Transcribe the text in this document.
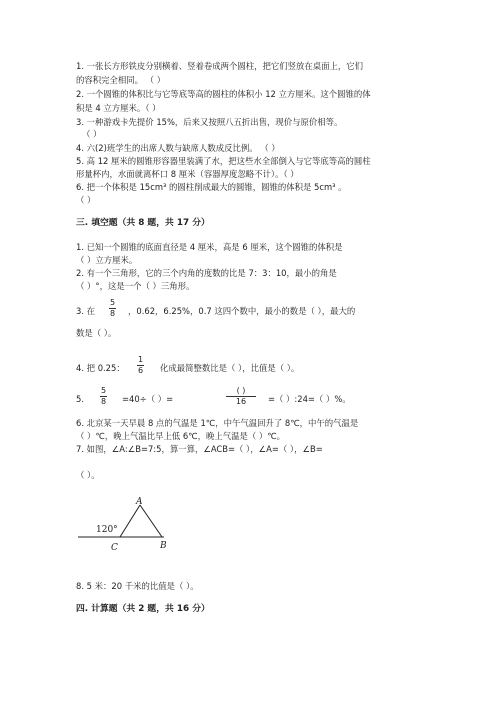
1. 一张长方形铁皮分别横着、竖着卷成两个圆柱，把它们竖放在桌面上，它们
的容积完全相同。 （ ）
2. 一个圆锥的体积比与它等底等高的圆柱的体积小 12 立方厘米。这个圆锥的体
积是 4 立方厘米。（ ）
3. 一种游戏卡先提价 15%，后来又按照八五折出售，现价与原价相等。
（ ）
4. 六(2)班学生的出席人数与缺席人数成反比例。 （ ）
5. 高 12 厘米的圆锥形容器里装满了水，把这些水全部倒入与它等底等高的圆柱
形量杯内，水面就离杯口 8 厘米（容器厚度忽略不计）。（ ）
6. 把一个体积是 15cm³ 的圆柱削成最大的圆锥，圆锥的体积是 5cm³ 。
（ ）
三. 填空题（共 8 题，共 17 分）
1. 已知一个圆锥的底面直径是 4 厘米，高是 6 厘米，这个圆锥的体积是
（ ）立方厘米。
2. 有一个三角形，它的三个内角的度数的比是 7：3：10，最小的角是
（ ）°，这是一个（ ）三角形。
3. 在 $\frac{5}{8}$ ，0.62，6.25%，0.7 这四个数中，最小的数是（ ），最大的
数是（ ）。
4. 把 0.25： $\frac{1}{6}$ 化成最简整数比是（ ），比值是（ ）。
5. $\frac{5}{8} =40\div$（ ）=
( )
16	=（ ）:24=（ ）%。
6. 北京某一天早晨 8 点的气温是 1℃，中午气温回升了 8℃，中午的气温是
（ ）℃，晚上气温比早上低 6℃，晚上气温是（ ）℃。
7. 如图，∠A:∠B=7:5，算一算，∠ACB=（ ），∠A=（ ），∠B=
（ ）。
120°
A
B
C
8. 5 米：20 千米的比值是（ ）。
四. 计算题（共 2 题，共 16 分）
